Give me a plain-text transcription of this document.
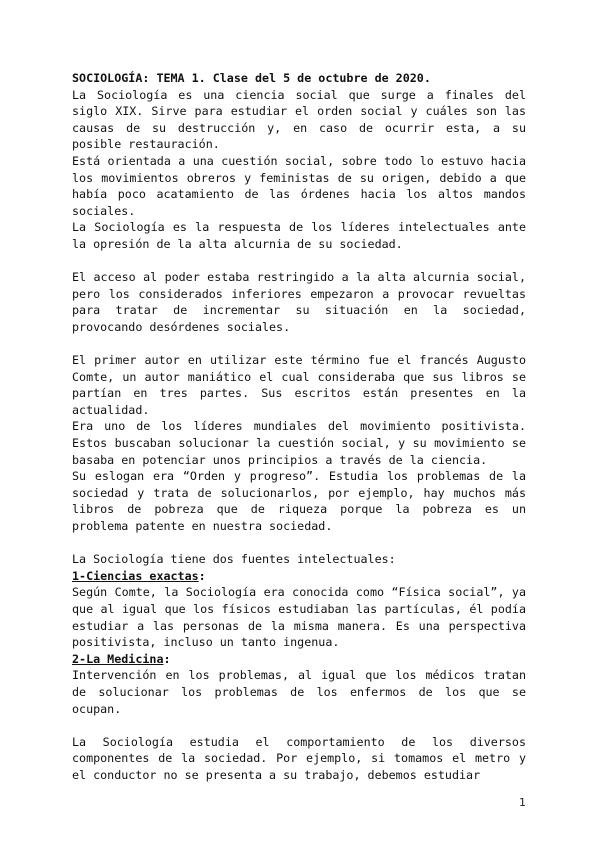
SOCIOLOGÍA: TEMA 1. Clase del 5 de octubre de 2020.

La Sociología es una ciencia social que surge a finales del siglo XIX. Sirve para estudiar el orden social y cuáles son las causas de su destrucción y, en caso de ocurrir esta, a su posible restauración.

Está orientada a una cuestión social, sobre todo lo estuvo hacia los movimientos obreros y feministas de su origen, debido a que había poco acatamiento de las órdenes hacia los altos mandos sociales.

La Sociología es la respuesta de los líderes intelectuales ante la opresión de la alta alcurnia de su sociedad.

El acceso al poder estaba restringido a la alta alcurnia social, pero los considerados inferiores empezaron a provocar revueltas para tratar de incrementar su situación en la sociedad, provocando desórdenes sociales.

El primer autor en utilizar este término fue el francés Augusto Comte, un autor maniático el cual consideraba que sus libros se partían en tres partes. Sus escritos están presentes en la actualidad.

Era uno de los líderes mundiales del movimiento positivista. Estos buscaban solucionar la cuestión social, y su movimiento se basaba en potenciar unos principios a través de la ciencia.

Su eslogan era “Orden y progreso”. Estudia los problemas de la sociedad y trata de solucionarlos, por ejemplo, hay muchos más libros de pobreza que de riqueza porque la pobreza es un problema patente en nuestra sociedad.

La Sociología tiene dos fuentes intelectuales:

1-Ciencias exactas:

Según Comte, la Sociología era conocida como “Física social”, ya que al igual que los físicos estudiaban las partículas, él podía estudiar a las personas de la misma manera. Es una perspectiva positivista, incluso un tanto ingenua.

2-La Medicina:

Intervención en los problemas, al igual que los médicos tratan de solucionar los problemas de los enfermos de los que se ocupan.

La Sociología estudia el comportamiento de los diversos componentes de la sociedad. Por ejemplo, si tomamos el metro y el conductor no se presenta a su trabajo, debemos estudiar

1
